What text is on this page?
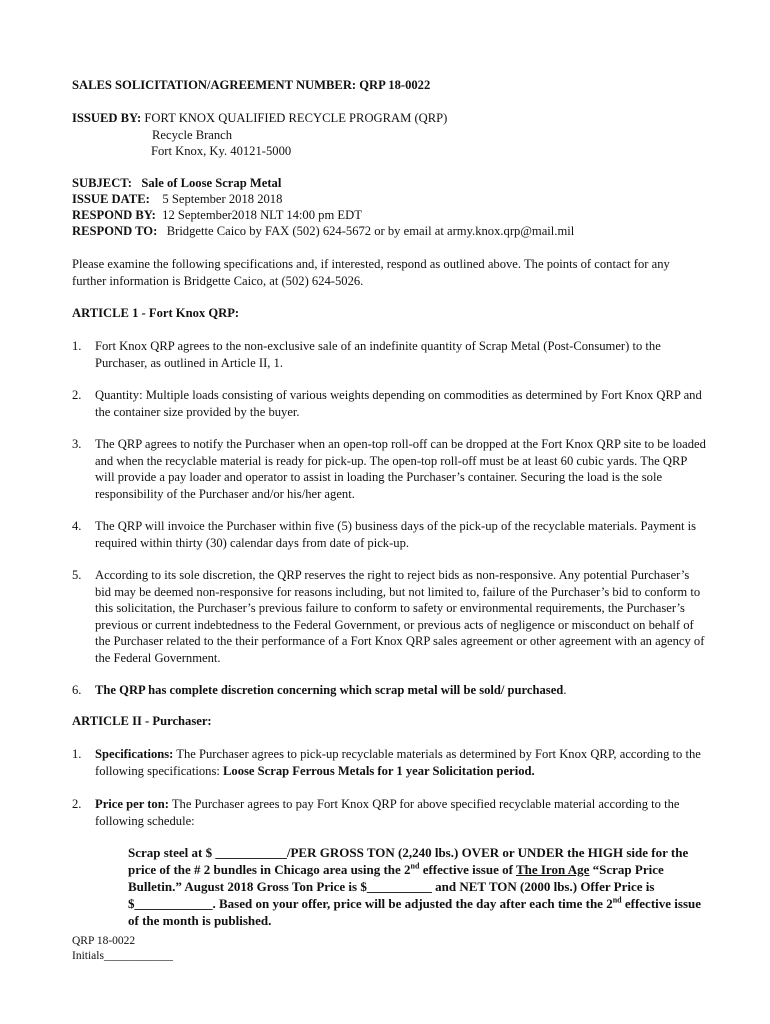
SALES SOLICITATION/AGREEMENT NUMBER: QRP 18-0022
ISSUED BY: FORT KNOX QUALIFIED RECYCLE PROGRAM (QRP)
Recycle Branch
Fort Knox, Ky. 40121-5000
SUBJECT: Sale of Loose Scrap Metal
ISSUE DATE: 5 September 2018 2018
RESPOND BY: 12 September2018 NLT 14:00 pm EDT
RESPOND TO: Bridgette Caico by FAX (502) 624-5672 or by email at army.knox.qrp@mail.mil
Please examine the following specifications and, if interested, respond as outlined above. The points of contact for any further information is Bridgette Caico, at (502) 624-5026.
ARTICLE 1 - Fort Knox QRP:
1.	Fort Knox QRP agrees to the non-exclusive sale of an indefinite quantity of Scrap Metal (Post-Consumer) to the Purchaser, as outlined in Article II, 1.
2.	Quantity: Multiple loads consisting of various weights depending on commodities as determined by Fort Knox QRP and the container size provided by the buyer.
3.	The QRP agrees to notify the Purchaser when an open-top roll-off can be dropped at the Fort Knox QRP site to be loaded and when the recyclable material is ready for pick-up. The open-top roll-off must be at least 60 cubic yards. The QRP will provide a pay loader and operator to assist in loading the Purchaser’s container. Securing the load is the sole responsibility of the Purchaser and/or his/her agent.
4.	The QRP will invoice the Purchaser within five (5) business days of the pick-up of the recyclable materials. Payment is required within thirty (30) calendar days from date of pick-up.
5.	According to its sole discretion, the QRP reserves the right to reject bids as non-responsive. Any potential Purchaser’s bid may be deemed non-responsive for reasons including, but not limited to, failure of the Purchaser’s bid to conform to this solicitation, the Purchaser’s previous failure to conform to safety or environmental requirements, the Purchaser’s previous or current indebtedness to the Federal Government, or previous acts of negligence or misconduct on behalf of the Purchaser related to the their performance of a Fort Knox QRP sales agreement or other agreement with an agency of the Federal Government.
6.	The QRP has complete discretion concerning which scrap metal will be sold/ purchased.
ARTICLE II - Purchaser:
1.	Specifications: The Purchaser agrees to pick-up recyclable materials as determined by Fort Knox QRP, according to the following specifications: Loose Scrap Ferrous Metals for 1 year Solicitation period.
2.	Price per ton: The Purchaser agrees to pay Fort Knox QRP for above specified recyclable material according to the following schedule:
Scrap steel at $ ___________/PER GROSS TON (2,240 lbs.) OVER or UNDER the HIGH side for the price of the # 2 bundles in Chicago area using the 2nd effective issue of The Iron Age “Scrap Price Bulletin.” August 2018 Gross Ton Price is $__________ and NET TON (2000 lbs.) Offer Price is $____________. Based on your offer, price will be adjusted the day after each time the 2nd effective issue of the month is published.
QRP 18-0022
Initials____________
